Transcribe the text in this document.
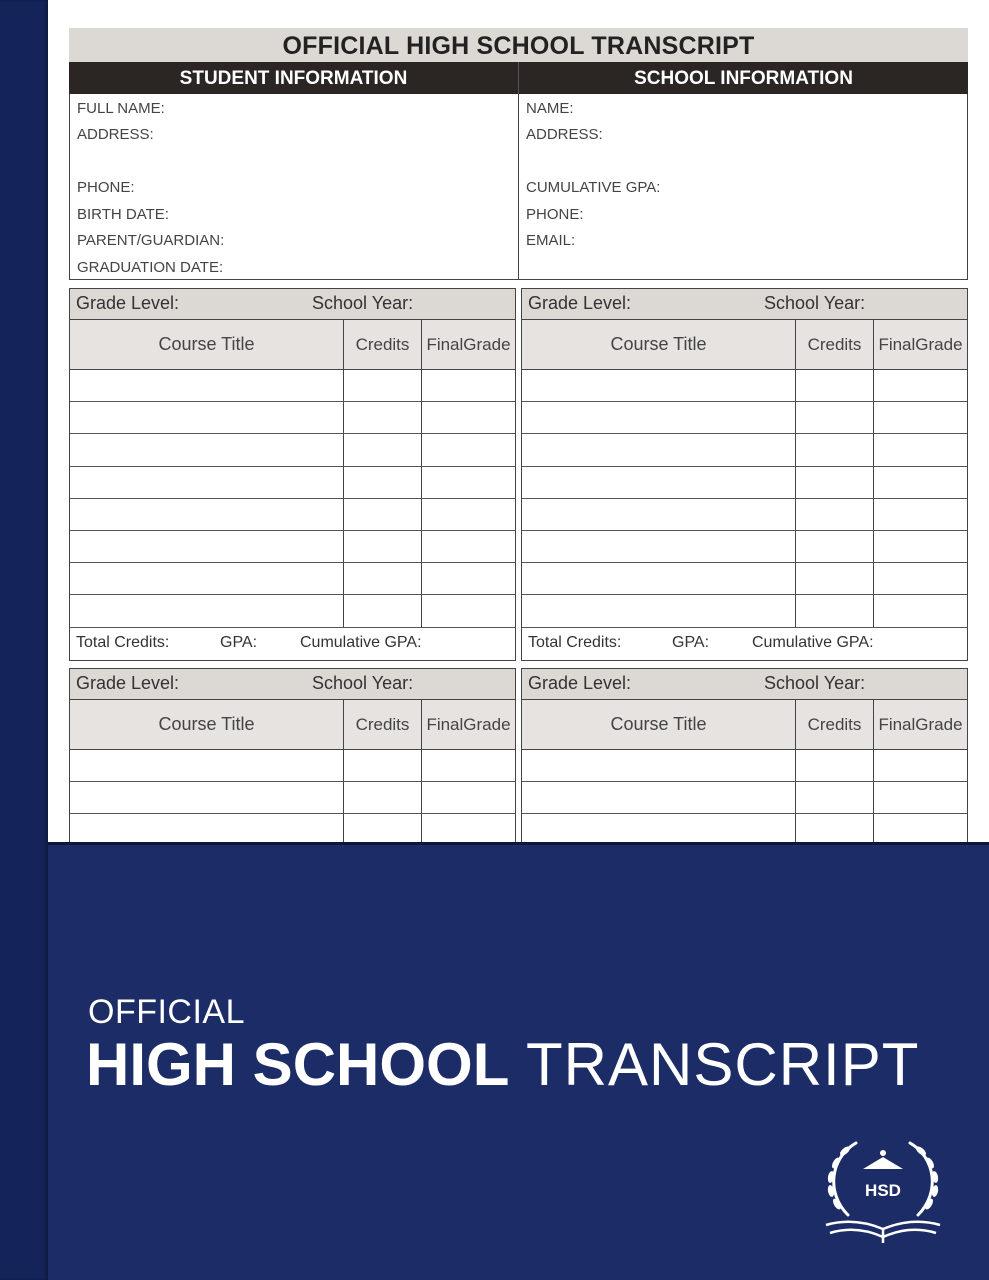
OFFICIAL HIGH SCHOOL TRANSCRIPT
STUDENT INFORMATION	SCHOOL INFORMATION
FULL NAME:
ADDRESS:
PHONE:
BIRTH DATE:
PARENT/GUARDIAN:
GRADUATION DATE:
NAME:
ADDRESS:
CUMULATIVE GPA:
PHONE:
EMAIL:
Grade Level:	School Year:
Course Title	Credits	Final Grade
Total Credits:	GPA:	Cumulative GPA:
Grade Level:	School Year:
Course Title	Credits	Final Grade
Total Credits:	GPA:	Cumulative GPA:
Grade Level:	School Year:
Course Title	Credits	Final Grade
Grade Level:	School Year:
Course Title	Credits	Final Grade
OFFICIAL
HIGH SCHOOL TRANSCRIPT
HSD
